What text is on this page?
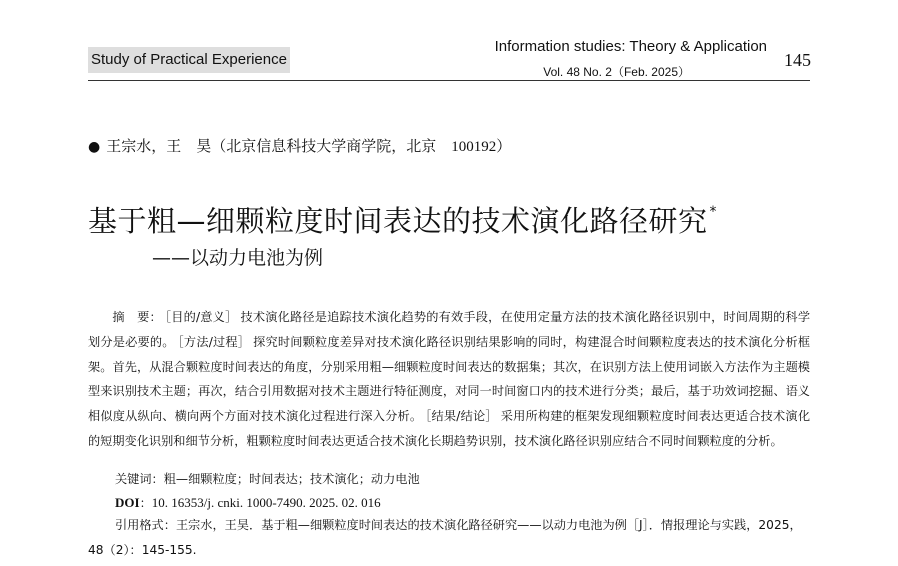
Study of Practical Experience
Information studies: Theory & Application
Vol. 48 No. 2（Feb. 2025）
145
● 王宗水，王　昊（北京信息科技大学商学院，北京　100192）
基于粗—细颗粒度时间表达的技术演化路径研究 *
——以动力电池为例

摘　要： ［目的/意义］ 技术演化路径是追踪技术演化趋势的有效手段，在使用定量方法的技术演化路径识别中，时间周期的科学划分是必要的。 ［方法/过程］ 探究时间颗粒度差异对技术演化路径识别结果影响的同时，构建混合时间颗粒度表达的技术演化分析框架。首先，从混合颗粒度时间表达的角度，分别采用粗—细颗粒度时间表达的数据集；其次，在识别方法上使用词嵌入方法作为主题模型来识别技术主题；再次，结合引用数据对技术主题进行特征测度，对同一时间窗口内的技术进行分类；最后，基于功效词挖掘、语义相似度从纵向、横向两个方面对技术演化过程进行深入分析。 ［结果/结论］ 采用所构建的框架发现细颗粒度时间表达更适合技术演化的短期变化识别和细节分析，粗颗粒度时间表达更适合技术演化长期趋势识别，技术演化路径识别应结合不同时间颗粒度的分析。

关键词：粗—细颗粒度；时间表达；技术演化；动力电池
DOI：10. 16353/j. cnki. 1000-7490. 2025. 02. 016

引用格式：王宗水，王昊．基于粗—细颗粒度时间表达的技术演化路径研究——以动力电池为例［J］．情报理论与实践，2025，48（2）：145-155.
